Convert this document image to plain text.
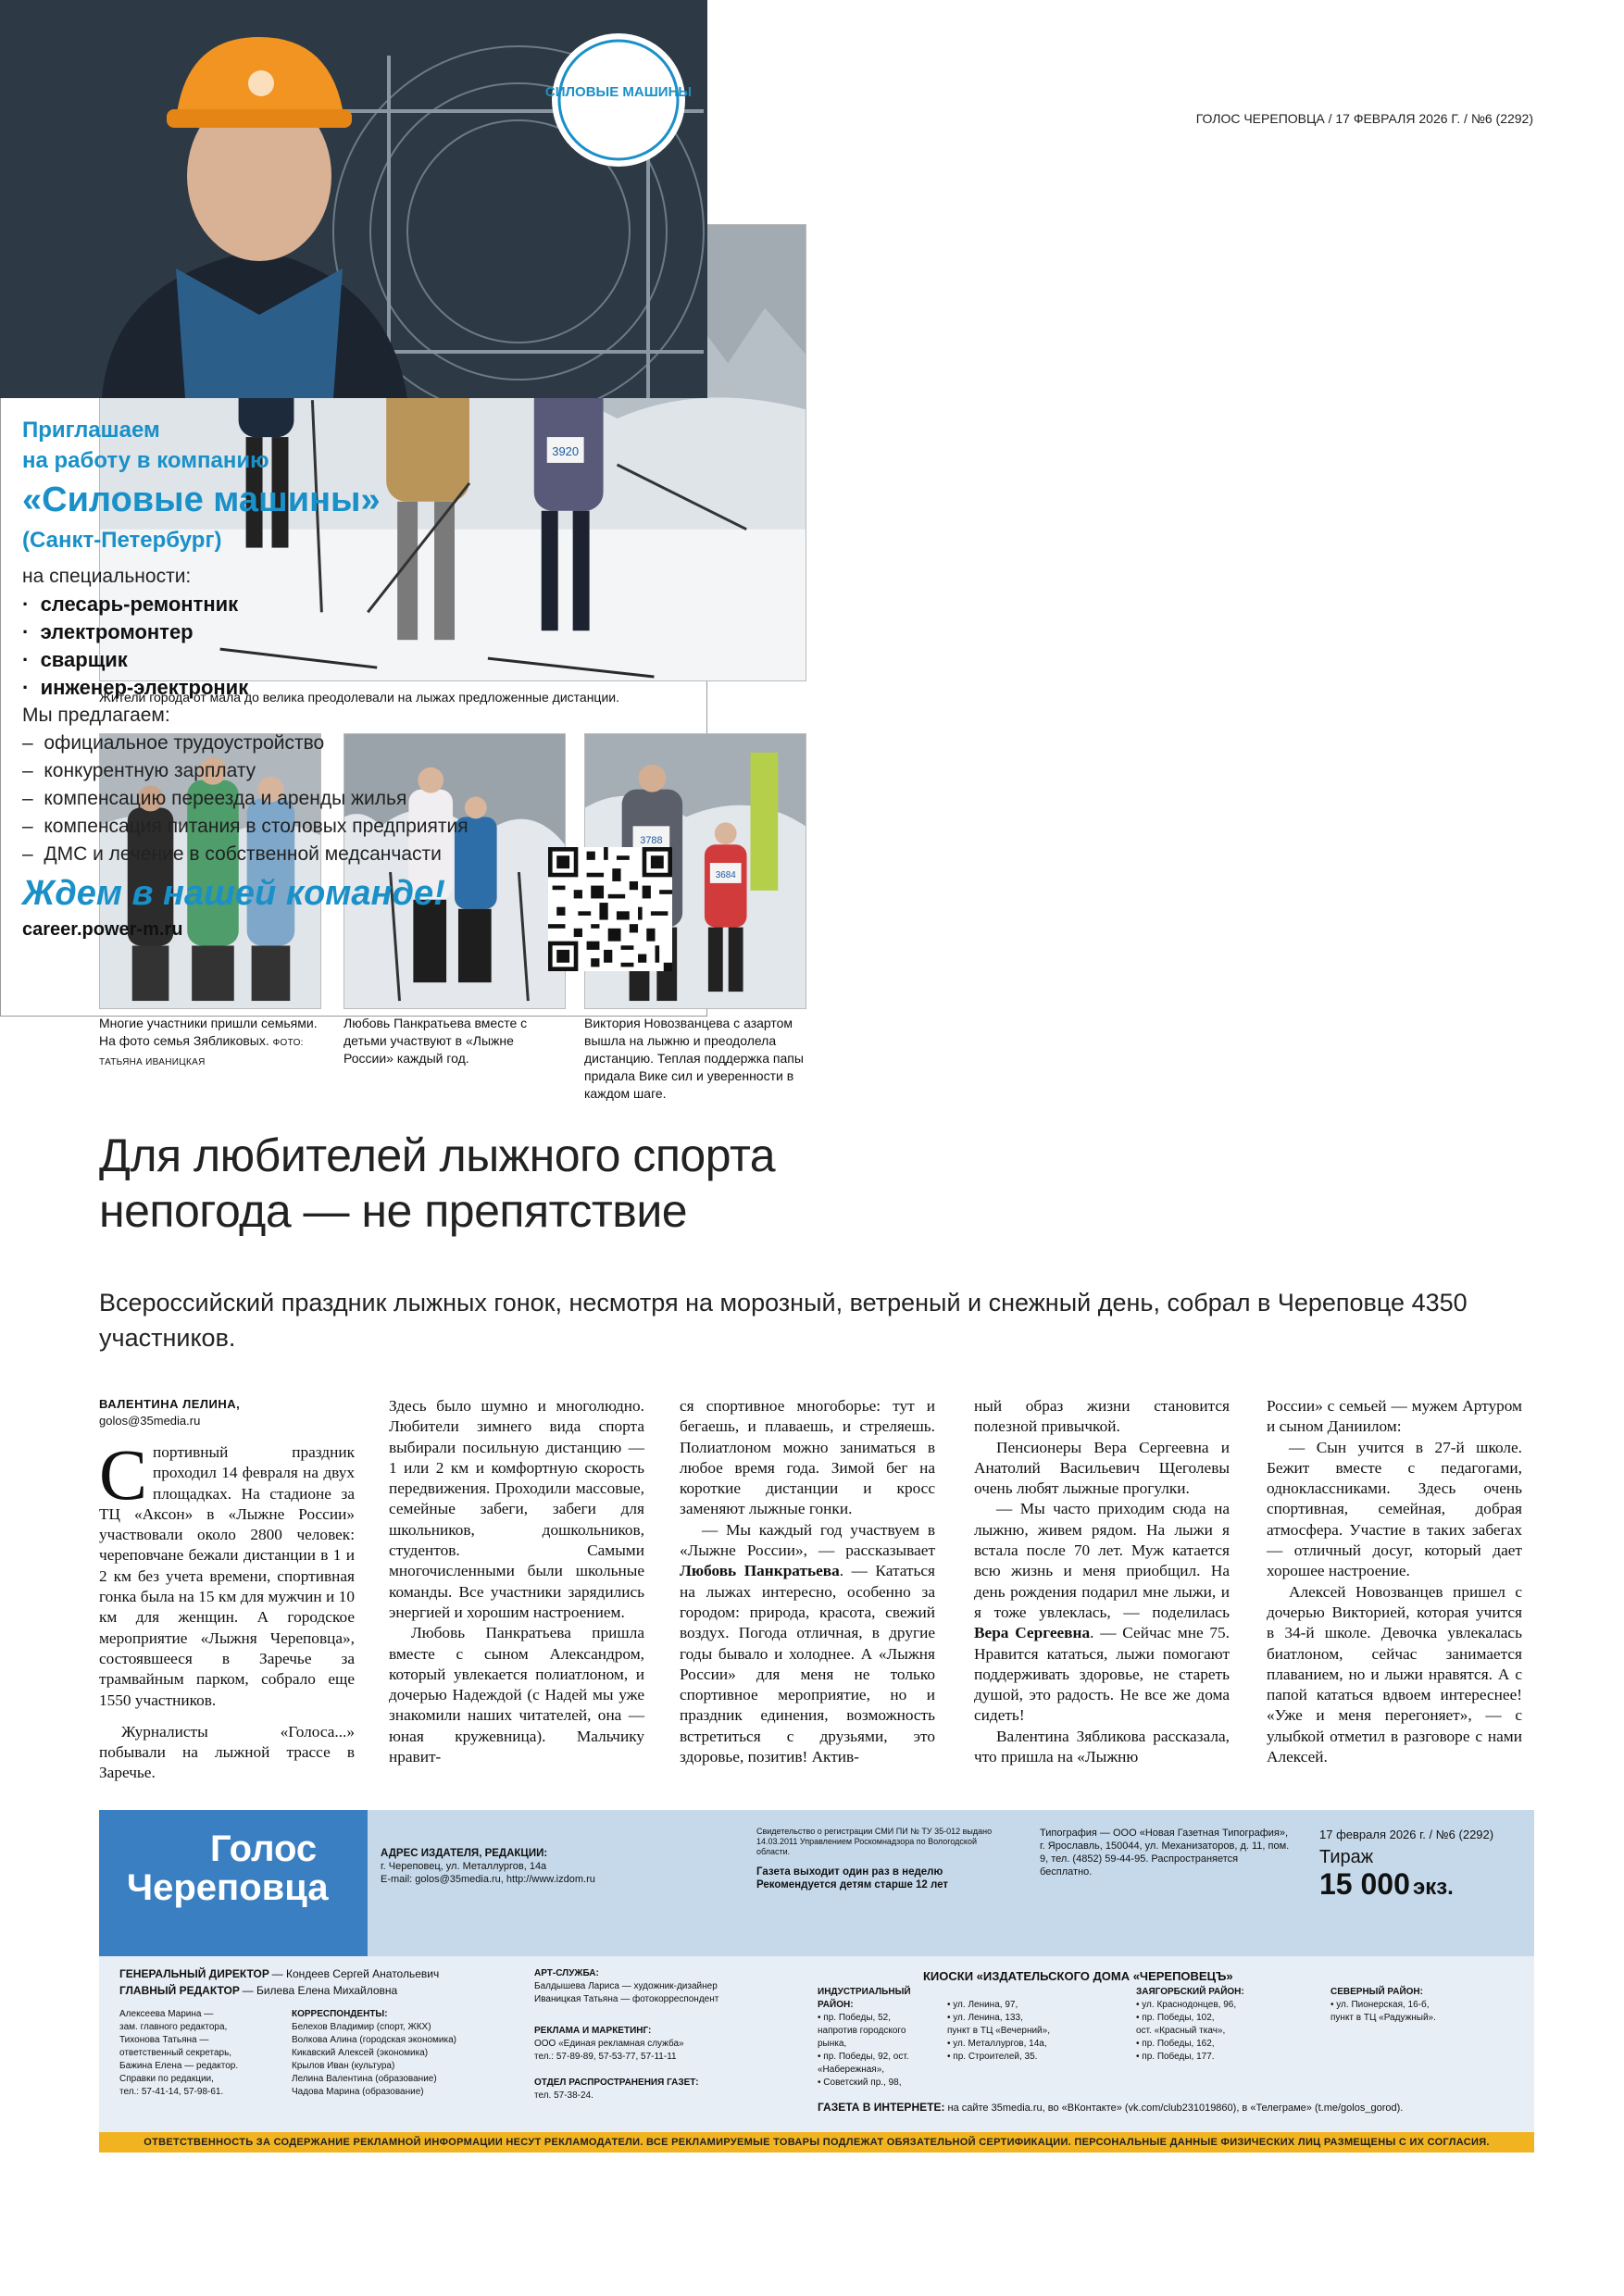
ГОЛОС ЧЕРЕПОВЦА / 17 ФЕВРАЛЯ 2026 Г. / №6 (2292)
3920
Жители города от мала до велика преодолевали на лыжах предложенные дистанции.
3788
3684
Многие участники пришли семьями. На фото семья Зябликовых. ФОТО: ТАТЬЯНА ИВАНИЦКАЯ
Любовь Панкратьева вместе с детьми участвуют в «Лыжне России» каждый год.
Виктория Новозванцева с азартом вышла на лыжню и преодолела дистанцию. Теплая поддержка папы придала Вике сил и уверенности в каждом шаге.
СИЛОВЫЕ МАШИНЫ
Приглашаем
на работу в компанию
«Силовые машины»
(Санкт-Петербург)
на специальности:
·  слесарь-ремонтник
·  электромонтер
·  сварщик
·  инженер-электроник
Мы предлагаем:
–  официальное трудоустройство
–  конкурентную зарплату
–  компенсацию переезда и аренды жилья
–  компенсация питания в столовых предприятия
–  ДМС и лечение в собственной медсанчасти
Ждем в нашей команде!
career.power-m.ru
Для любителей лыжного спорта непогода — не препятствие
Всероссийский праздник лыжных гонок, несмотря на морозный, ветреный и снежный день, собрал в Череповце 4350 участников.
ВАЛЕНТИНА ЛЕЛИНА,
golos@35media.ru

Спортивный праздник проходил 14 февраля на двух площадках. На стадионе за ТЦ «Аксон» в «Лыжне России» участвовали около 2800 человек: череповчане бежали дистанции в 1 и 2 км без учета времени, спортивная гонка была на 15 км для мужчин и 10 км для женщин. А городское мероприятие «Лыжня Череповца», состоявшееся в Заречье за трамвайным парком, собрало еще 1550 участников.

Журналисты «Голоса...» побывали на лыжной трассе в Заречье.

Здесь было шумно и многолюдно. Любители зимнего вида спорта выбирали посильную дистанцию — 1 или 2 км и комфортную скорость передвижения. Проходили массовые, семейные забеги, забеги для школьников, дошкольников, студентов. Самыми многочисленными были школьные команды. Все участники зарядились энергией и хорошим настроением.

Любовь Панкратьева пришла вместе с сыном Александром, который увлекается полиатлоном, и дочерью Надеждой (с Надей мы уже знакомили наших читателей, она — юная кружевница). Мальчику нравит-

ся спортивное многоборье: тут и бегаешь, и плаваешь, и стреляешь. Полиатлоном можно заниматься в любое время года. Зимой бег на короткие дистанции и кросс заменяют лыжные гонки.

— Мы каждый год участвуем в «Лыжне России», — рассказывает Любовь Панкратьева. — Кататься на лыжах интересно, особенно за городом: природа, красота, свежий воздух. Погода отличная, в другие годы бывало и холоднее. А «Лыжня России» для меня не только спортивное мероприятие, но и праздник единения, возможность встретиться с друзьями, это здоровье, позитив! Актив-

ный образ жизни становится полезной привычкой.

Пенсионеры Вера Сергеевна и Анатолий Васильевич Щеголевы очень любят лыжные прогулки.

— Мы часто приходим сюда на лыжню, живем рядом. На лыжи я встала после 70 лет. Муж катается всю жизнь и меня приобщил. На день рождения подарил мне лыжи, и я тоже увлеклась, — поделилась Вера Сергеевна. — Сейчас мне 75. Нравится кататься, лыжи помогают поддерживать здоровье, не стареть душой, это радость. Не все же дома сидеть!

Валентина Зябликова рассказала, что пришла на «Лыжню

России» с семьей — мужем Артуром и сыном Даниилом:

— Сын учится в 27-й школе. Бежит вместе с педагогами, одноклассниками. Здесь очень спортивная, семейная, добрая атмосфера. Участие в таких забегах — отличный досуг, который дает хорошее настроение.

Алексей Новозванцев пришел с дочерью Викторией, которая учится в 34-й школе. Девочка увлекалась биатлоном, сейчас занимается плаванием, но и лыжи нравятся. А с папой кататься вдвоем интереснее! «Уже и меня перегоняет», — с улыбкой отметил в разговоре с нами Алексей.

Голос
Череповца
АДРЕС ИЗДАТЕЛЯ, РЕДАКЦИИ:
г. Череповец, ул. Металлургов, 14а
E-mail: golos@35media.ru, http://www.izdom.ru
Свидетельство о регистрации СМИ ПИ № ТУ 35-012 выдано 14.03.2011 Управлением Роскомнадзора по Вологодской области.
Газета выходит один раз в неделю
Рекомендуется детям старше 12 лет
Типография — ООО «Новая Газетная Типография», г. Ярославль, 150044, ул. Механизаторов, д. 11, пом. 9, тел. (4852) 59-44-95. Распространяется бесплатно.
17 февраля 2026 г. / №6 (2292)
Тираж
15 000 экз.
ГЕНЕРАЛЬНЫЙ ДИРЕКТОР — Кондеев Сергей Анатольевич
ГЛАВНЫЙ РЕДАКТОР — Билева Елена Михайловна
Алексеева Марина —
зам. главного редактора,
Тихонова Татьяна —
ответственный секретарь,
Бажина Елена — редактор.
Справки по редакции,
тел.: 57-41-14, 57-98-61.
КОРРЕСПОНДЕНТЫ:
Белехов Владимир (спорт, ЖКХ)
Волкова Алина (городская экономика)
Кикавский Алексей (экономика)
Крылов Иван (культура)
Лелина Валентина (образование)
Чадова Марина (образование)
АРТ-СЛУЖБА:
Балдышева Лариса — художник-дизайнер
Иваницкая Татьяна — фотокорреспондент
РЕКЛАМА И МАРКЕТИНГ:
ООО «Единая рекламная служба»
тел.: 57-89-89, 57-53-77, 57-11-11
ОТДЕЛ РАСПРОСТРАНЕНИЯ ГАЗЕТ:
тел. 57-38-24.
КИОСКИ «ИЗДАТЕЛЬСКОГО ДОМА «ЧЕРЕПОВЕЦЪ»
ИНДУСТРИАЛЬНЫЙ РАЙОН:
• пр. Победы, 52,
напротив городского
рынка,
• пр. Победы, 92, ост.
«Набережная»,
• Советский пр., 98,
• ул. Ленина, 97,
• ул. Ленина, 133,
пункт в ТЦ «Вечерний»,
• ул. Металлургов, 14а,
• пр. Строителей, 35.
ЗАЯГОРБСКИЙ РАЙОН:
• ул. Краснодонцев, 96,
• пр. Победы, 102,
ост. «Красный ткач»,
• пр. Победы, 162,
• пр. Победы, 177.
СЕВЕРНЫЙ РАЙОН:
• ул. Пионерская, 16-б,
пункт в ТЦ «Радужный».
ГАЗЕТА В ИНТЕРНЕТЕ: на сайте 35media.ru, во «ВКонтакте» (vk.com/club231019860), в «Телеграме» (t.me/golos_gorod).
ОТВЕТСТВЕННОСТЬ ЗА СОДЕРЖАНИЕ РЕКЛАМНОЙ ИНФОРМАЦИИ НЕСУТ РЕКЛАМОДАТЕЛИ. ВСЕ РЕКЛАМИРУЕМЫЕ ТОВАРЫ ПОДЛЕЖАТ ОБЯЗАТЕЛЬНОЙ СЕРТИФИКАЦИИ. ПЕРСОНАЛЬНЫЕ ДАННЫЕ ФИЗИЧЕСКИХ ЛИЦ РАЗМЕЩЕНЫ С ИХ СОГЛАСИЯ.
